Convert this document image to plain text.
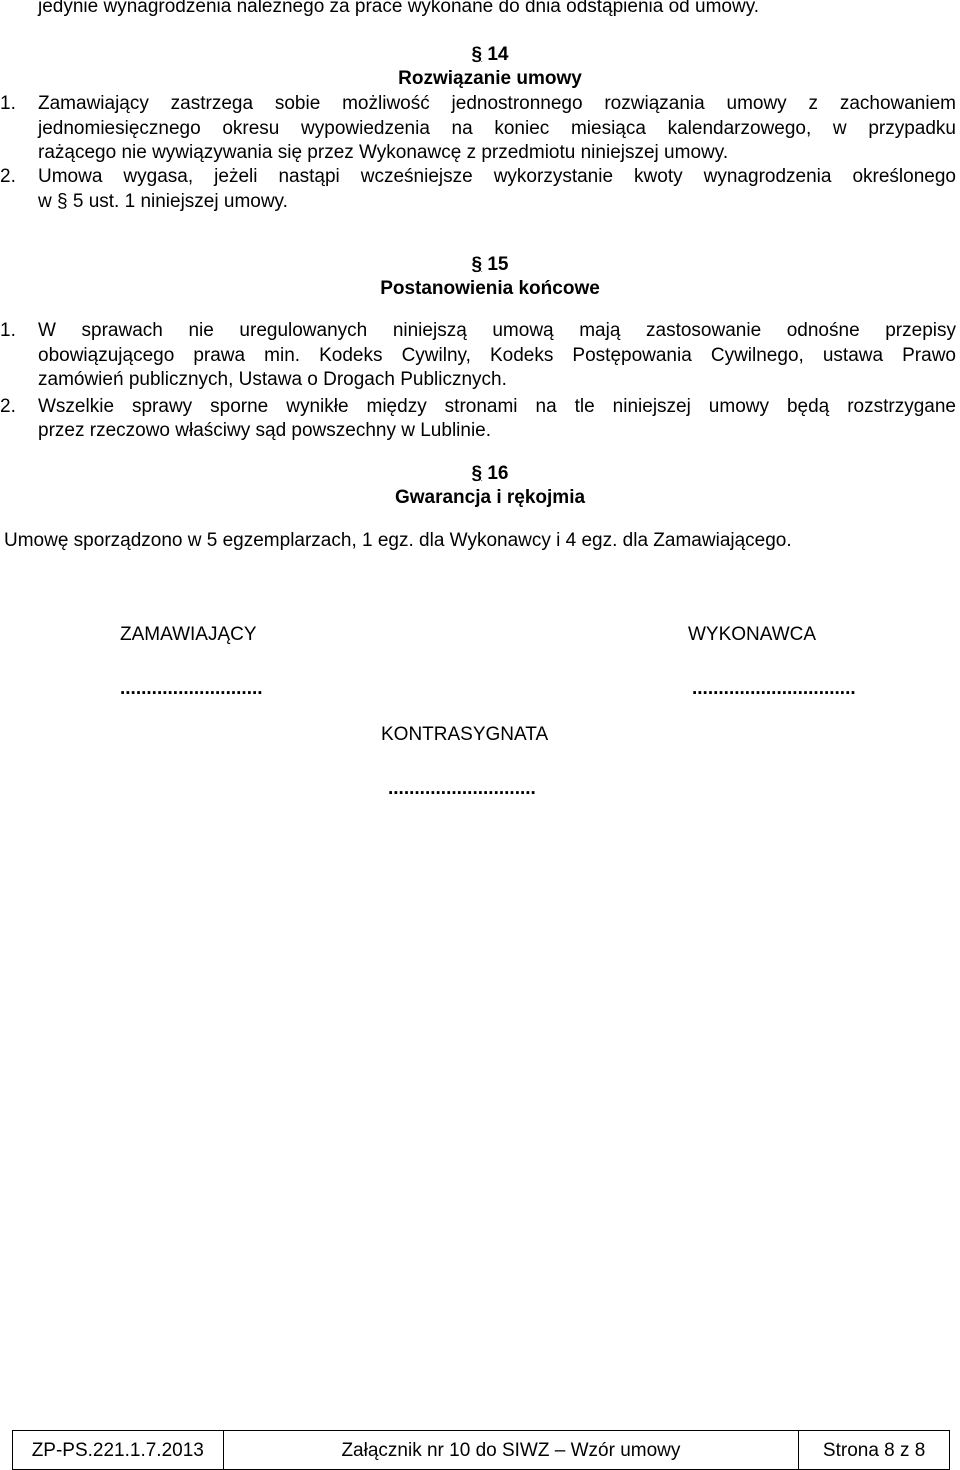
jedynie wynagrodzenia należnego za prace wykonane do dnia odstąpienia od umowy.
§ 14
Rozwiązanie umowy
1. Zamawiający zastrzega sobie możliwość jednostronnego rozwiązania umowy z zachowaniem
jednomiesięcznego okresu wypowiedzenia na koniec miesiąca kalendarzowego, w przypadku
rażącego nie wywiązywania się przez Wykonawcę z przedmiotu niniejszej umowy.
2. Umowa wygasa, jeżeli nastąpi wcześniejsze wykorzystanie kwoty wynagrodzenia określonego
w § 5 ust. 1 niniejszej umowy.
§ 15
Postanowienia końcowe
1. W sprawach nie uregulowanych niniejszą umową mają zastosowanie odnośne przepisy
obowiązującego prawa min. Kodeks Cywilny, Kodeks Postępowania Cywilnego, ustawa Prawo
zamówień publicznych, Ustawa o Drogach Publicznych.
2. Wszelkie sprawy sporne wynikłe między stronami na tle niniejszej umowy będą rozstrzygane
przez rzeczowo właściwy sąd powszechny w Lublinie.
§ 16
Gwarancja i rękojmia
Umowę sporządzono w 5 egzemplarzach, 1 egz. dla Wykonawcy i 4 egz. dla Zamawiającego.
ZAMAWIAJĄCY	WYKONAWCA
...........................	...............................
KONTRASYGNATA
............................
ZP-PS.221.1.7.2013	Załącznik nr 10 do SIWZ – Wzór umowy	Strona 8 z 8
